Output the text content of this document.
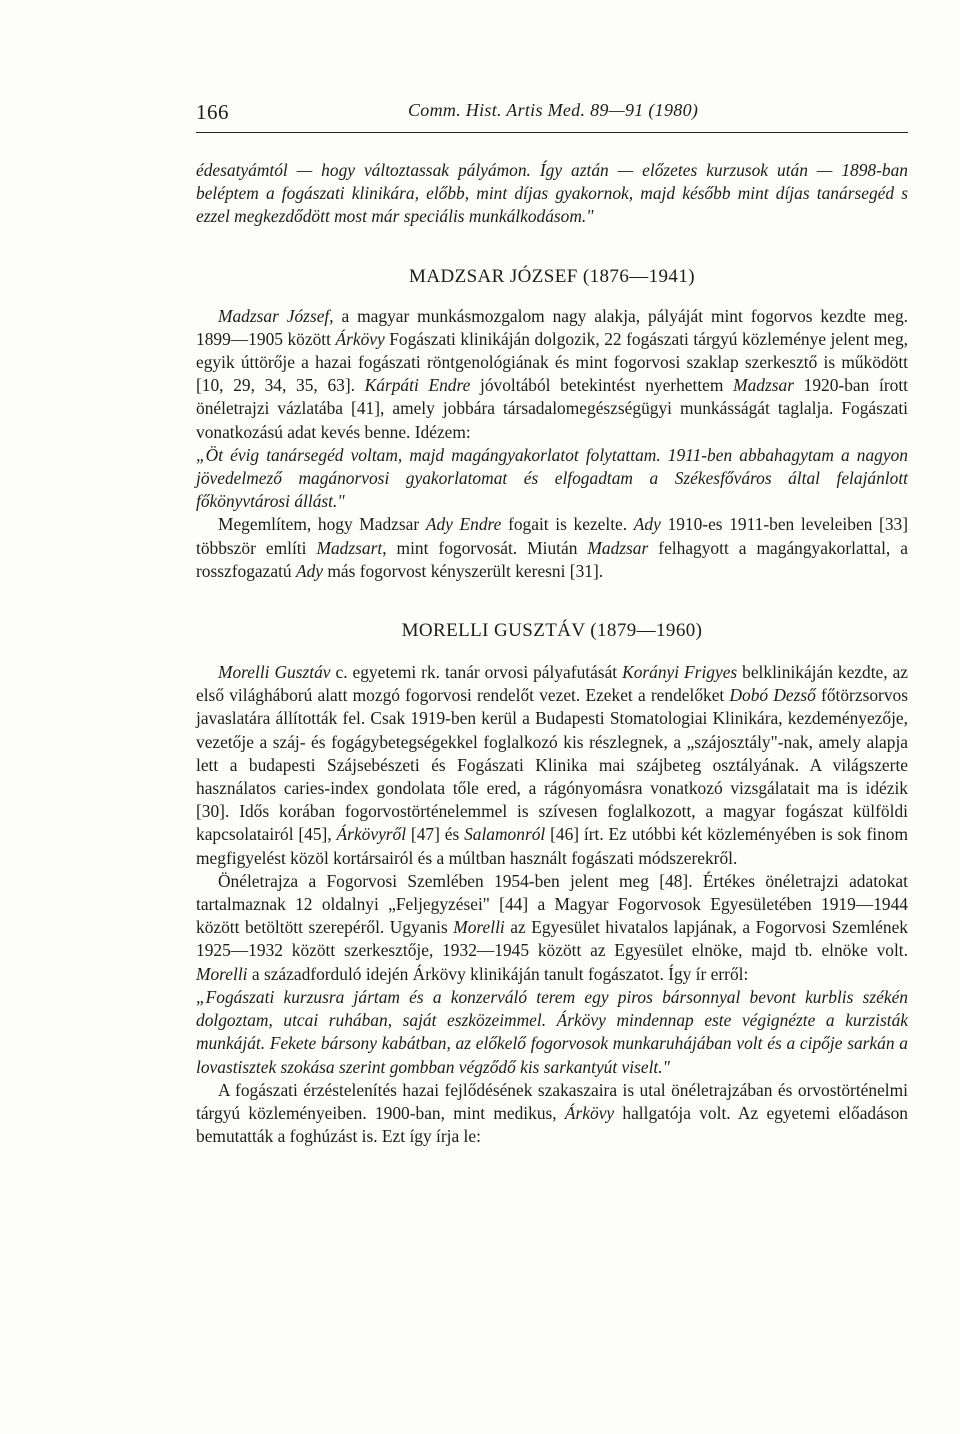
166	Comm. Hist. Artis Med. 89—91 (1980)

édesatyámtól — hogy változtassak pályámon. Így aztán — előzetes kurzusok után — 1898-ban beléptem a fogászati klinikára, előbb, mint díjas gyakornok, majd később mint díjas tanársegéd s ezzel megkezdődött most már speciális munkálkodásom."

MADZSAR JÓZSEF (1876—1941)

Madzsar József, a magyar munkásmozgalom nagy alakja, pályáját mint fogorvos kezdte meg. 1899—1905 között Árkövy Fogászati klinikáján dolgozik, 22 fogászati tárgyú közleménye jelent meg, egyik úttörője a hazai fogászati röntgenológiának és mint fogorvosi szaklap szerkesztő is működött [10, 29, 34, 35, 63]. Kárpáti Endre jóvoltából betekintést nyerhettem Madzsar 1920-ban írott önéletrajzi vázlatába [41], amely jobbára társadalomegészségügyi munkásságát taglalja. Fogászati vonatkozású adat kevés benne. Idézem:

„Öt évig tanársegéd voltam, majd magángyakorlatot folytattam. 1911-ben abbahagytam a nagyon jövedelmező magánorvosi gyakorlatomat és elfogadtam a Székesfőváros által felajánlott főkönyvtárosi állást."

Megemlítem, hogy Madzsar Ady Endre fogait is kezelte. Ady 1910-es 1911-ben leveleiben [33] többször említi Madzsart, mint fogorvosát. Miután Madzsar felhagyott a magángyakorlattal, a rosszfogazatú Ady más fogorvost kényszerült keresni [31].

MORELLI GUSZTÁV (1879—1960)

Morelli Gusztáv c. egyetemi rk. tanár orvosi pályafutását Korányi Frigyes belklinikáján kezdte, az első világháború alatt mozgó fogorvosi rendelőt vezet. Ezeket a rendelőket Dobó Dezső főtörzsorvos javaslatára állították fel. Csak 1919-ben kerül a Budapesti Stomatologiai Klinikára, kezdeményezője, vezetője a száj- és fogágybetegségekkel foglalkozó kis részlegnek, a „szájosztály"-nak, amely alapja lett a budapesti Szájsebészeti és Fogászati Klinika mai szájbeteg osztályának. A világszerte használatos caries-index gondolata tőle ered, a rágónyomásra vonatkozó vizsgálatait ma is idézik [30]. Idős korában fogorvostörténelemmel is szívesen foglalkozott, a magyar fogászat külföldi kapcsolatairól [45], Árkövyről [47] és Salamonról [46] írt. Ez utóbbi két közleményében is sok finom megfigyelést közöl kortársairól és a múltban használt fogászati módszerekről.

Önéletrajza a Fogorvosi Szemlében 1954-ben jelent meg [48]. Értékes önéletrajzi adatokat tartalmaznak 12 oldalnyi „Feljegyzései" [44] a Magyar Fogorvosok Egyesületében 1919—1944 között betöltött szerepéről. Ugyanis Morelli az Egyesület hivatalos lapjának, a Fogorvosi Szemlének 1925—1932 között szerkesztője, 1932—1945 között az Egyesület elnöke, majd tb. elnöke volt. Morelli a századforduló idején Árkövy klinikáján tanult fogászatot. Így ír erről:

„Fogászati kurzusra jártam és a konzerváló terem egy piros bársonnyal bevont kurblis székén dolgoztam, utcai ruhában, saját eszközeimmel. Árkövy mindennap este végignézte a kurzisták munkáját. Fekete bársony kabátban, az előkelő fogorvosok munkaruhájában volt és a cipője sarkán a lovastisztek szokása szerint gombban végződő kis sarkantyút viselt."

A fogászati érzéstelenítés hazai fejlődésének szakaszaira is utal önéletrajzában és orvostörténelmi tárgyú közleményeiben. 1900-ban, mint medikus, Árkövy hallgatója volt. Az egyetemi előadáson bemutatták a foghúzást is. Ezt így írja le:
